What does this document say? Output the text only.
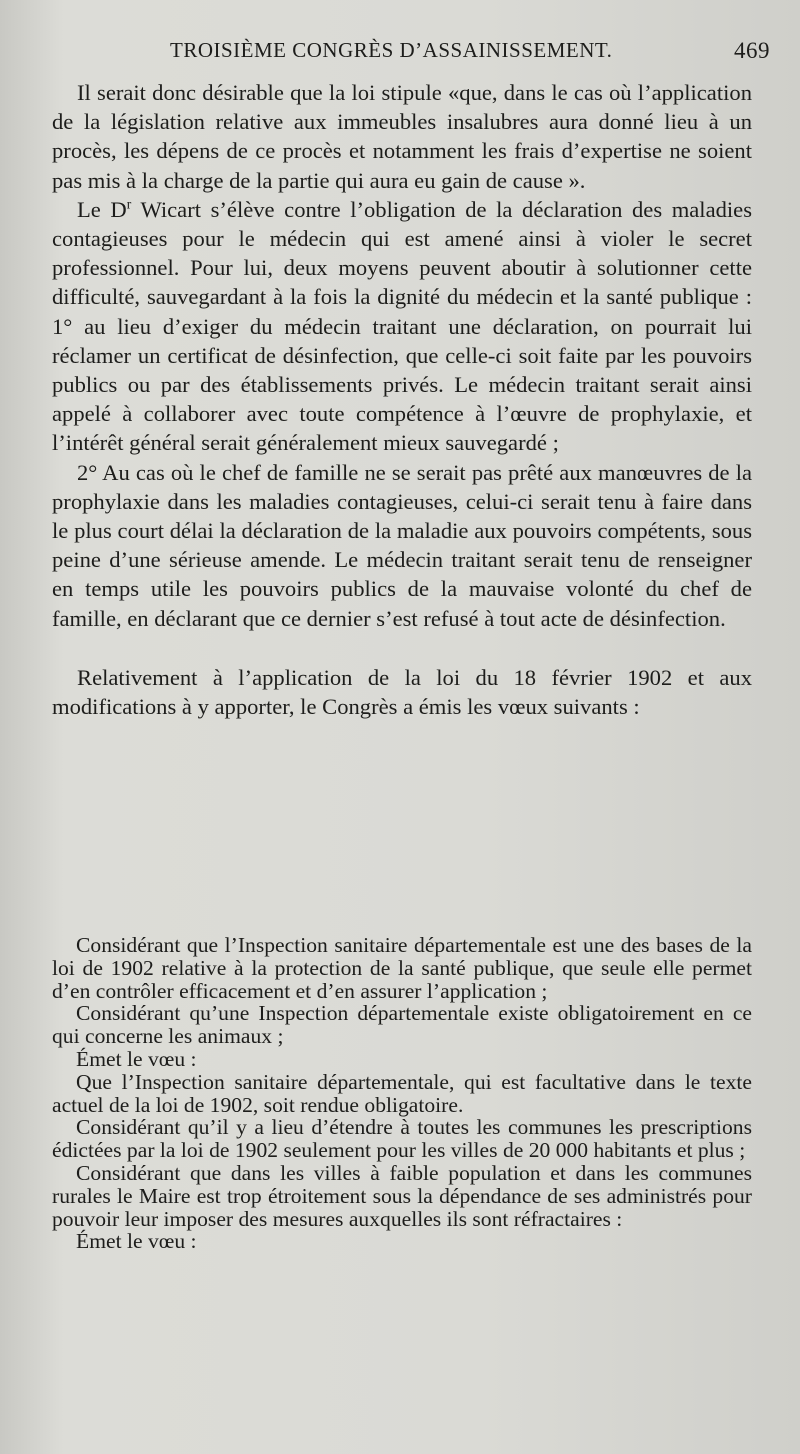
TROISIÈME CONGRÈS D’ASSAINISSEMENT.	469

Il serait donc désirable que la loi stipule «que, dans le cas où l’application de la législation relative aux immeubles insalubres aura donné lieu à un procès, les dépens de ce procès et notamment les frais d’expertise ne soient pas mis à la charge de la partie qui aura eu gain de cause ».

Le $D^r$ Wicart s’élève contre l’obligation de la déclaration des maladies contagieuses pour le médecin qui est amené ainsi à violer le secret professionnel. Pour lui, deux moyens peuvent aboutir à solutionner cette difficulté, sauvegardant à la fois la dignité du médecin et la santé publique : 1° au lieu d’exiger du médecin traitant une déclaration, on pourrait lui réclamer un certificat de désinfection, que celle-ci soit faite par les pouvoirs publics ou par des établissements privés. Le médecin traitant serait ainsi appelé à collaborer avec toute compétence à l’œuvre de prophylaxie, et l’intérêt général serait généralement mieux sauvegardé ;

2° Au cas où le chef de famille ne se serait pas prêté aux manœuvres de la prophylaxie dans les maladies contagieuses, celui-ci serait tenu à faire dans le plus court délai la déclaration de la maladie aux pouvoirs compétents, sous peine d’une sérieuse amende. Le médecin traitant serait tenu de renseigner en temps utile les pouvoirs publics de la mauvaise volonté du chef de famille, en déclarant que ce dernier s’est refusé à tout acte de désinfection.

Relativement à l’application de la loi du 18 février 1902 et aux modifications à y apporter, le Congrès a émis les vœux suivants :

Considérant que l’Inspection sanitaire départementale est une des bases de la loi de 1902 relative à la protection de la santé publique, que seule elle permet d’en contrôler efficacement et d’en assurer l’application ;

Considérant qu’une Inspection départementale existe obligatoirement en ce qui concerne les animaux ;

Émet le vœu :

Que l’Inspection sanitaire départementale, qui est facultative dans le texte actuel de la loi de 1902, soit rendue obligatoire.

Considérant qu’il y a lieu d’étendre à toutes les communes les prescriptions édictées par la loi de 1902 seulement pour les villes de 20 000 habitants et plus ;

Considérant que dans les villes à faible population et dans les communes rurales le Maire est trop étroitement sous la dépendance de ses administrés pour pouvoir leur imposer des mesures auxquelles ils sont réfractaires :

Émet le vœu :
